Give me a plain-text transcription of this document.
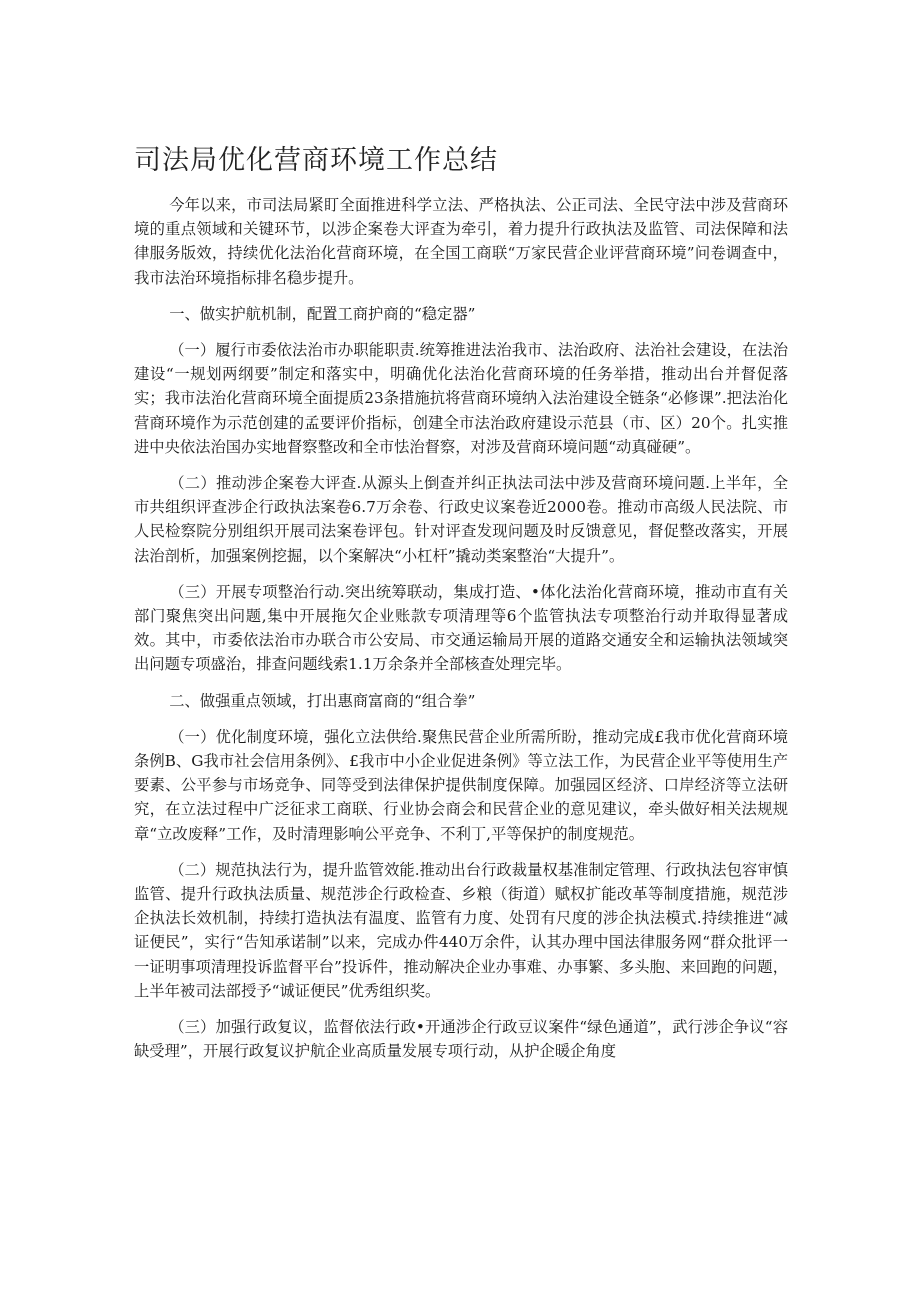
司法局优化营商环境工作总结

今年以来，市司法局紧盯全面推进科学立法、严格执法、公正司法、全民守法中涉及营商环境的重点领域和关键环节，以涉企案卷大评查为牵引，着力提升行政执法及监管、司法保障和法律服务版效，持续优化法治化营商环境，在全国工商联“万家民营企业评营商环境”问卷调查中，我市法治环境指标排名稳步提升。

一、做实护航机制，配置工商护商的“稳定器”

（一）履行市委依法治市办职能职责.统筹推进法治我市、法治政府、法治社会建设，在法治建设“一规划两纲要”制定和落实中，明确优化法治化营商环境的任务举措，推动出台并督促落实；我市法治化营商环境全面提质23条措施抗将营商环境纳入法治建设全链条“必修课”.把法治化营商环境作为示范创建的孟要评价指标，创建全市法治政府建设示范县（市、区）20个。扎实推进中央依法治国办实地督察整改和全市怯治督察，对涉及营商环境问题“动真碰硬”。

（二）推动涉企案卷大评查.从源头上倒查并纠正执法司法中涉及营商环境问题.上半年，全市共组织评查涉企行政执法案卷6.7万余卷、行政史议案卷近2000卷。推动市高级人民法院、市人民检察院分别组织开展司法案卷评包。针对评查发现问题及时反馈意见，督促整改落实，开展法治剖析，加强案例挖掘，以个案解决“小杠杆”撬动类案整治“大提升”。

（三）开展专项整治行动.突出统筹联动，集成打造、•体化法治化营商环境，推动市直有关部门聚焦突出问题,集中开展拖欠企业账款专项清理等6个监管执法专项整治行动并取得显著成效。其中，市委依法治市办联合市公安局、市交通运输局开展的道路交通安全和运输执法领域突出问题专项盛治，排查问题线索1.1万余条并全部核查处理完毕。

二、做强重点领域，打出惠商富商的“组合拳”

（一）优化制度环境，强化立法供给.聚焦民营企业所需所盼，推动完成£我市优化营商环境条例B、G我市社会信用条例》、£我市中小企业促进条例》等立法工作，为民营企业平等使用生产要素、公平参与市场竞争、同等受到法律保护提供制度保障。加强园区经济、口岸经济等立法研究，在立法过程中广泛征求工商联、行业协会商会和民营企业的意见建议，牵头做好相关法规规章“立改废释”工作，及时清理影响公平竞争、不利丁,平等保护的制度规范。

（二）规范执法行为，提升监管效能.推动出台行政裁量权基准制定管理、行政执法包容审慎监管、提升行政执法质量、规范涉企行政检查、乡粮（街道）赋权扩能改革等制度措施，规范涉企执法长效机制，持续打造执法有温度、监管有力度、处罚有尺度的涉企执法模式.持续推进“减证便民”，实行“告知承诺制”以来，完成办件440万余件，认其办理中国法律服务网“群众批评一一证明事项清理投诉监督平台”投诉件，推动解决企业办事难、办事繁、多头胞、来回跑的问题，上半年被司法部授予“诚证便民”优秀组织奖。

（三）加强行政复议，监督依法行政•开通涉企行政豆议案件“绿色通道”，武行涉企争议“容缺受理”，开展行政复议护航企业高质量发展专项行动，从护企暖企角度
